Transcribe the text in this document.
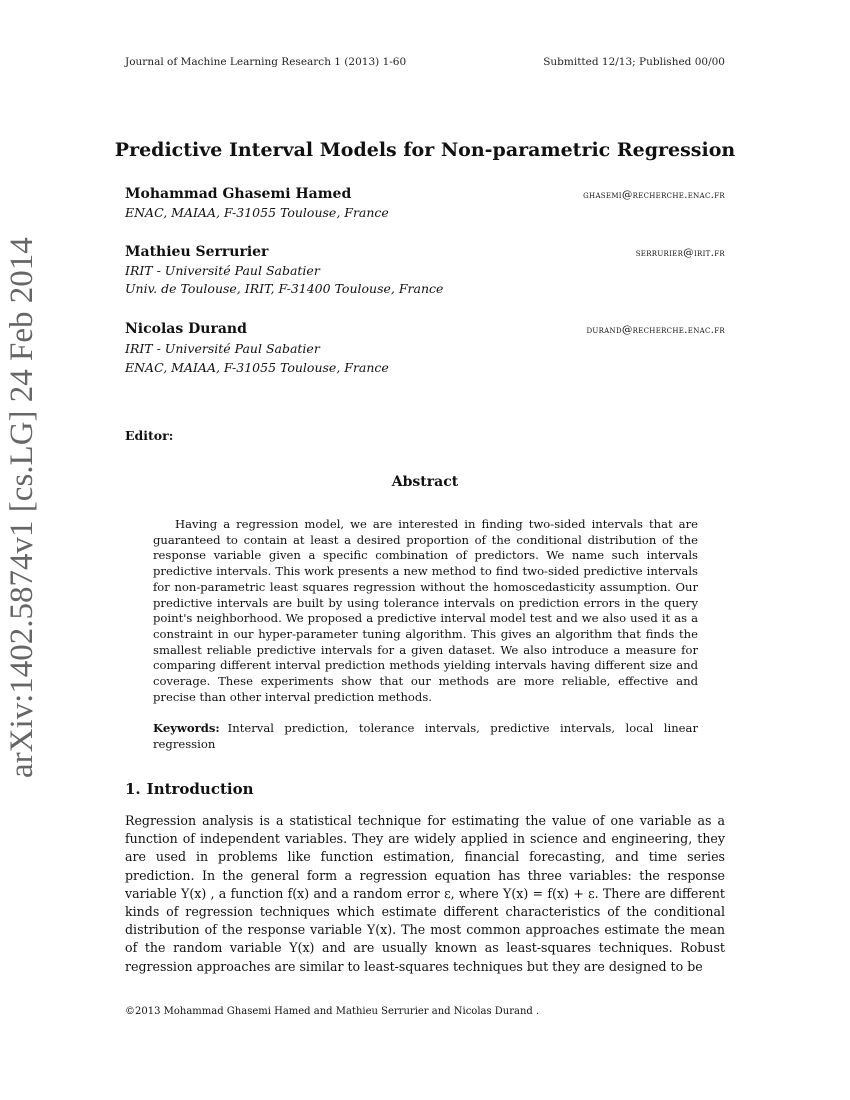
Journal of Machine Learning Research 1 (2013) 1-60	Submitted 12/13; Published 00/00
arXiv:1402.5874v1 [cs.LG] 24 Feb 2014
Predictive Interval Models for Non-parametric Regression
Mohammad Ghasemi Hamed	ghasemi@recherche.enac.fr
ENAC, MAIAA, F-31055 Toulouse, France
Mathieu Serrurier	serrurier@irit.fr
IRIT - Université Paul Sabatier
Univ. de Toulouse, IRIT, F-31400 Toulouse, France
Nicolas Durand	durand@recherche.enac.fr
IRIT - Université Paul Sabatier
ENAC, MAIAA, F-31055 Toulouse, France
Editor:
Abstract
Having a regression model, we are interested in finding two-sided intervals that are guaranteed to contain at least a desired proportion of the conditional distribution of the response variable given a specific combination of predictors. We name such intervals predictive intervals. This work presents a new method to find two-sided predictive intervals for non-parametric least squares regression without the homoscedasticity assumption. Our predictive intervals are built by using tolerance intervals on prediction errors in the query point's neighborhood. We proposed a predictive interval model test and we also used it as a constraint in our hyper-parameter tuning algorithm. This gives an algorithm that finds the smallest reliable predictive intervals for a given dataset. We also introduce a measure for comparing different interval prediction methods yielding intervals having different size and coverage. These experiments show that our methods are more reliable, effective and precise than other interval prediction methods.
Keywords: Interval prediction, tolerance intervals, predictive intervals, local linear regression
1. Introduction
Regression analysis is a statistical technique for estimating the value of one variable as a function of independent variables. They are widely applied in science and engineering, they are used in problems like function estimation, financial forecasting, and time series prediction. In the general form a regression equation has three variables: the response variable Y(x) , a function f(x) and a random error ε, where Y(x) = f(x) + ε. There are different kinds of regression techniques which estimate different characteristics of the conditional distribution of the response variable Y(x). The most common approaches estimate the mean of the random variable Y(x) and are usually known as least-squares techniques. Robust regression approaches are similar to least-squares techniques but they are designed to be
©2013 Mohammad Ghasemi Hamed and Mathieu Serrurier and Nicolas Durand .
